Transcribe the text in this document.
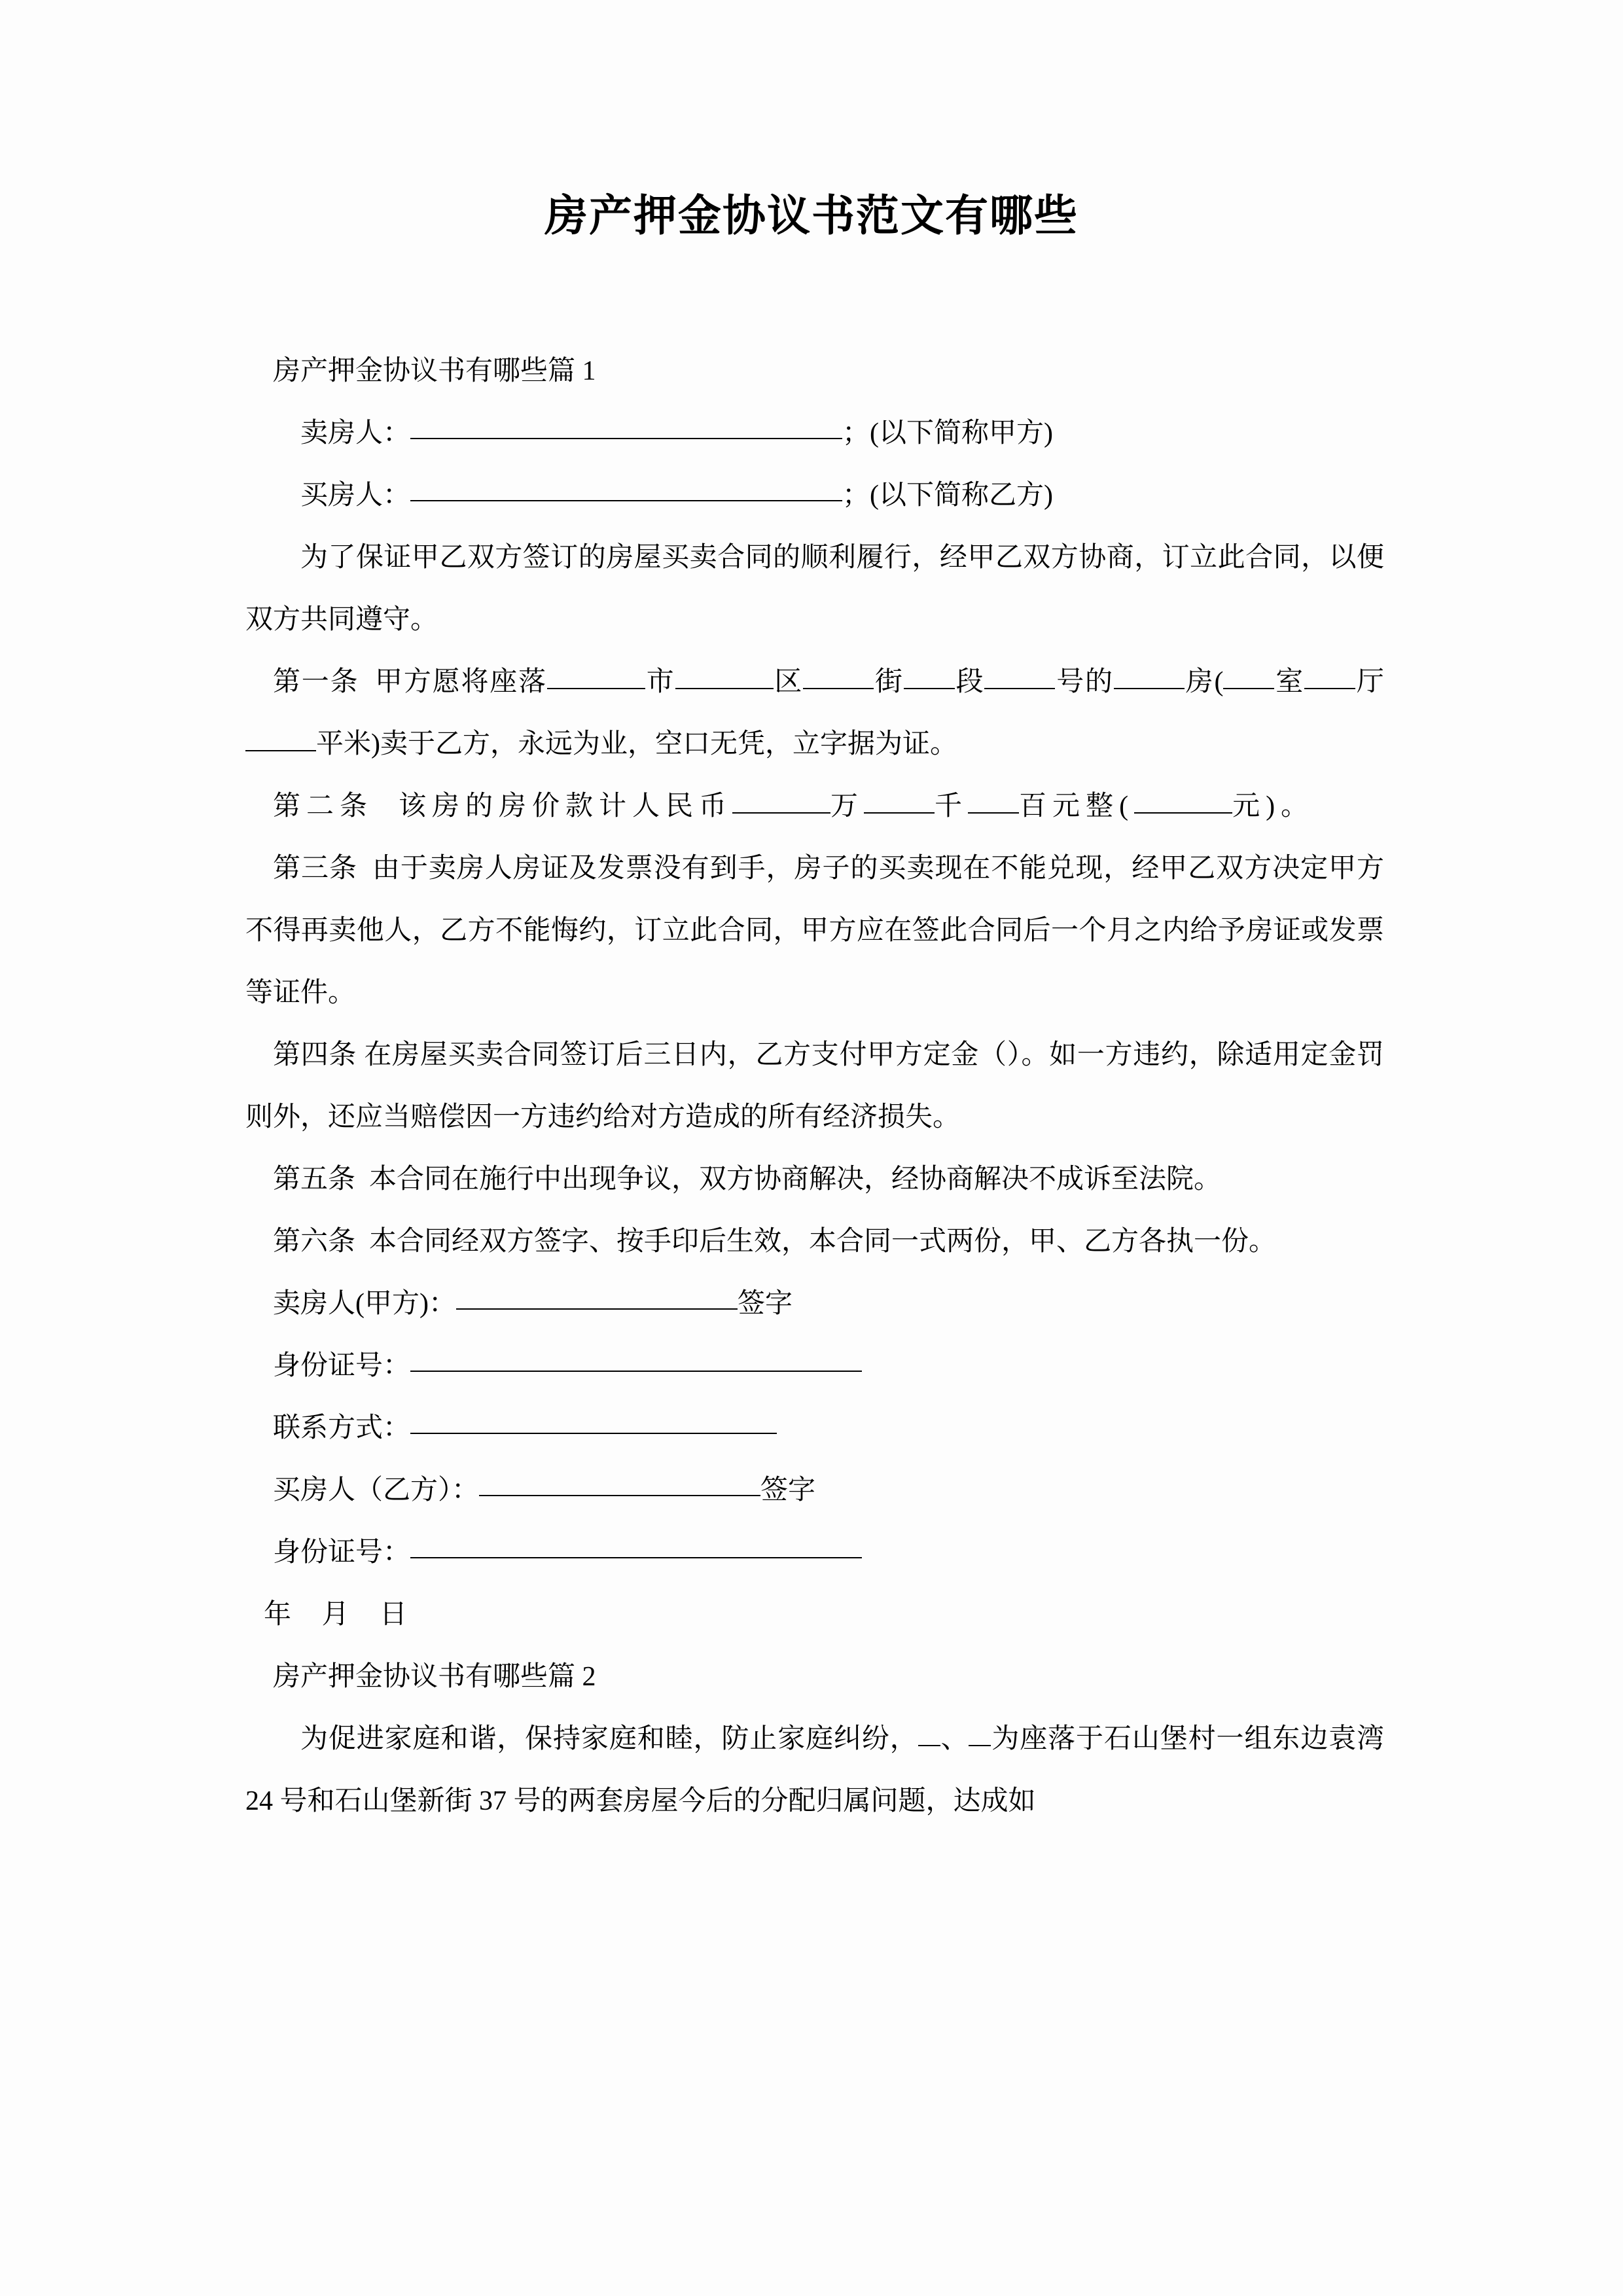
房产押金协议书范文有哪些

房产押金协议书有哪些篇 1

卖房人：	；(以下简称甲方)

买房人：	；(以下简称乙方)

为了保证甲乙双方签订的房屋买卖合同的顺利履行，经甲乙双方协商，订立此合同，以便双方共同遵守。

第一条  甲方愿将座落	市	区	街 段	号的	房( 室 厅平米)卖于乙方，永远为业，空口无凭，立字据为证。

第二条  该房的房价款计人民币	万	千 百元整(	元)。

第三条  由于卖房人房证及发票没有到手，房子的买卖现在不能兑现，经甲乙双方决定甲方不得再卖他人，乙方不能悔约，订立此合同，甲方应在签此合同后一个月之内给予房证或发票等证件。

第四条 在房屋买卖合同签订后三日内，乙方支付甲方定金（）。如一方违约，除适用定金罚则外，还应当赔偿因一方违约给对方造成的所有经济损失。

第五条  本合同在施行中出现争议，双方协商解决，经协商解决不成诉至法院。

第六条  本合同经双方签字、按手印后生效，本合同一式两份，甲、乙方各执一份。

卖房人(甲方)：	签字

身份证号：

联系方式：

买房人（乙方）：	签字

身份证号：

年 月 日

房产押金协议书有哪些篇 2

为促进家庭和谐，保持家庭和睦，防止家庭纠纷， 、 为座落于石山堡村一组东边袁湾 24 号和石山堡新街 37 号的两套房屋今后的分配归属问题，达成如
